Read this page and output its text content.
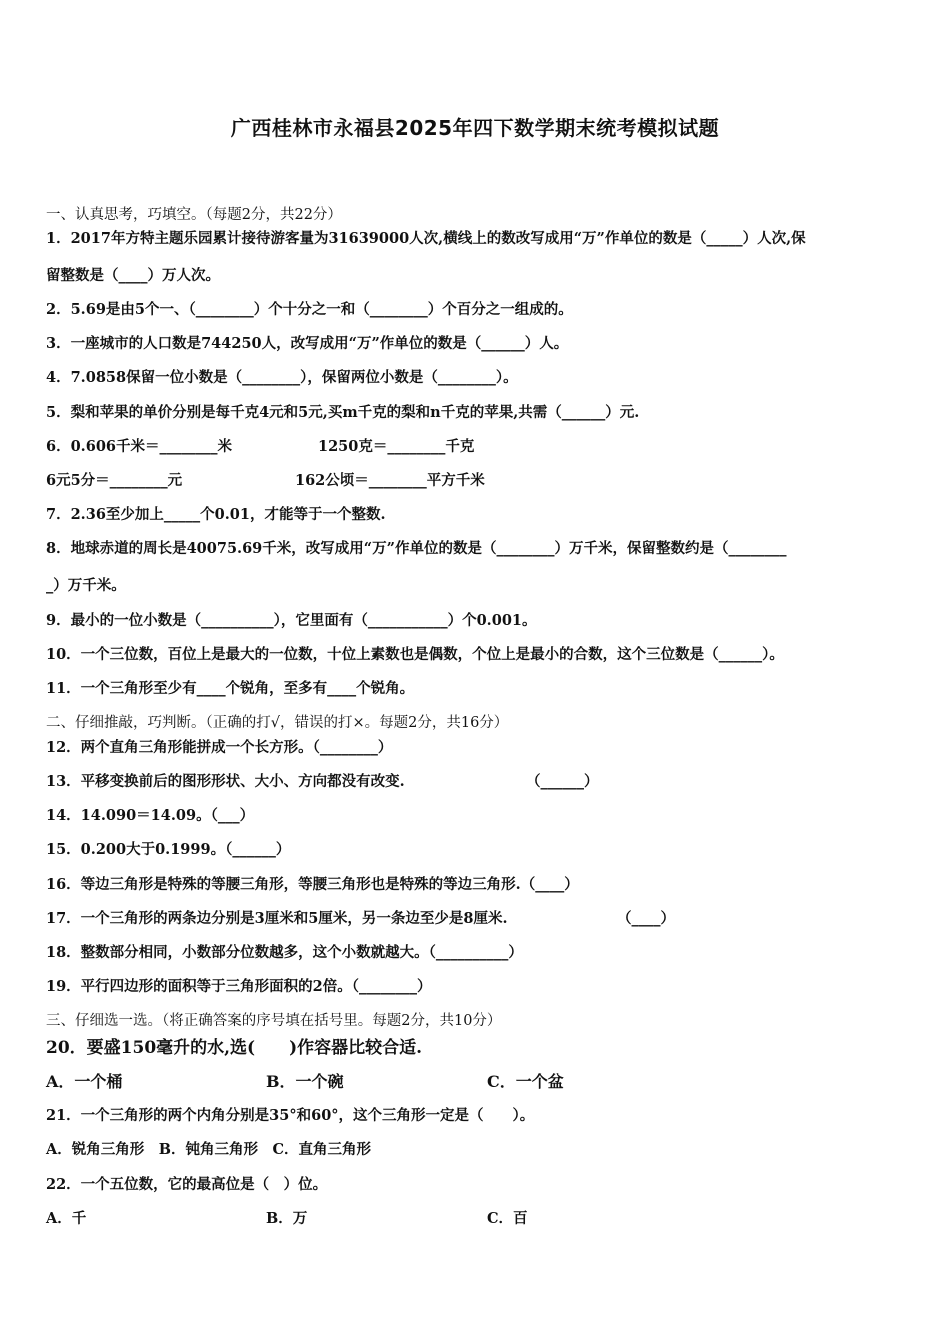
广西桂林市永福县2025年四下数学期末统考模拟试题
一、认真思考，巧填空。（每题2分，共22分）
1．2017年方特主题乐园累计接待游客量为31639000人次,横线上的数改写成用“万”作单位的数是（_____）人次,保
留整数是（____）万人次。
2．5.69是由5个一、（________）个十分之一和（________）个百分之一组成的。
3．一座城市的人口数是744250人，改写成用“万”作单位的数是（______）人。
4．7.0858保留一位小数是（________），保留两位小数是（________）。
5．梨和苹果的单价分别是每千克4元和5元,买m千克的梨和n千克的苹果,共需（______）元.
6．0.606千米＝________米	1250克＝________千克
6元5分＝________元	162公顷＝________平方千米
7．2.36至少加上_____个0.01，才能等于一个整数.
8．地球赤道的周长是40075.69千米，改写成用“万”作单位的数是（________）万千米，保留整数约是（________
_）万千米。
9．最小的一位小数是（__________），它里面有（___________）个0.001。
10．一个三位数，百位上是最大的一位数，十位上素数也是偶数，个位上是最小的合数，这个三位数是（______）。
11．一个三角形至少有____个锐角，至多有____个锐角。
二、仔细推敲，巧判断。（正确的打√，错误的打×。每题2分，共16分）
12．两个直角三角形能拼成一个长方形。（________）
13．平移变换前后的图形形状、大小、方向都没有改变.	（______）
14．14.090＝14.09。（___）
15．0.200大于0.1999。（______）
16．等边三角形是特殊的等腰三角形，等腰三角形也是特殊的等边三角形.（____）
17．一个三角形的两条边分别是3厘米和5厘米，另一条边至少是8厘米.	（____）
18．整数部分相同，小数部分位数越多，这个小数就越大。（__________）
19．平行四边形的面积等于三角形面积的2倍。（________）
三、仔细选一选。（将正确答案的序号填在括号里。每题2分，共10分）
20．要盛150毫升的水,选(　　)作容器比较合适.
A．一个桶	B．一个碗	C．一个盆
21．一个三角形的两个内角分别是35°和60°，这个三角形一定是（　　）。
A．锐角三角形　B．钝角三角形　C．直角三角形
22．一个五位数，它的最高位是（　）位。
A．千	B．万	C．百
